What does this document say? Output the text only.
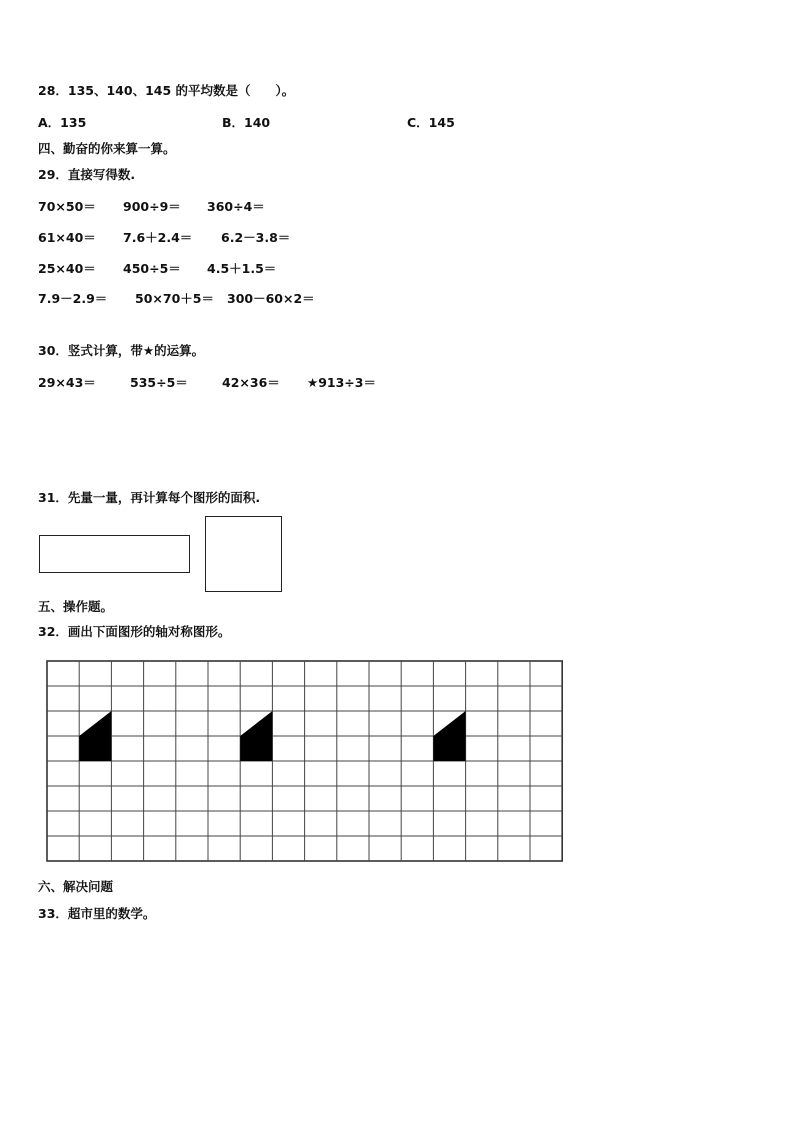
28．135、140、145 的平均数是（　　）。
A．135	B．140	C．145
四、勤奋的你来算一算。
29．直接写得数.
70×50＝ 900÷9＝ 360÷4＝
61×40＝ 7.6＋2.4＝ 6.2－3.8＝
25×40＝ 450÷5＝ 4.5＋1.5＝
7.9－2.9＝ 50×70＋5＝ 300－60×2＝
30．竖式计算，带★的运算。
29×43＝	535÷5＝	42×36＝ ★913÷3＝
31．先量一量，再计算每个图形的面积.
五、操作题。
32．画出下面图形的轴对称图形。
六、解决问题
33．超市里的数学。
